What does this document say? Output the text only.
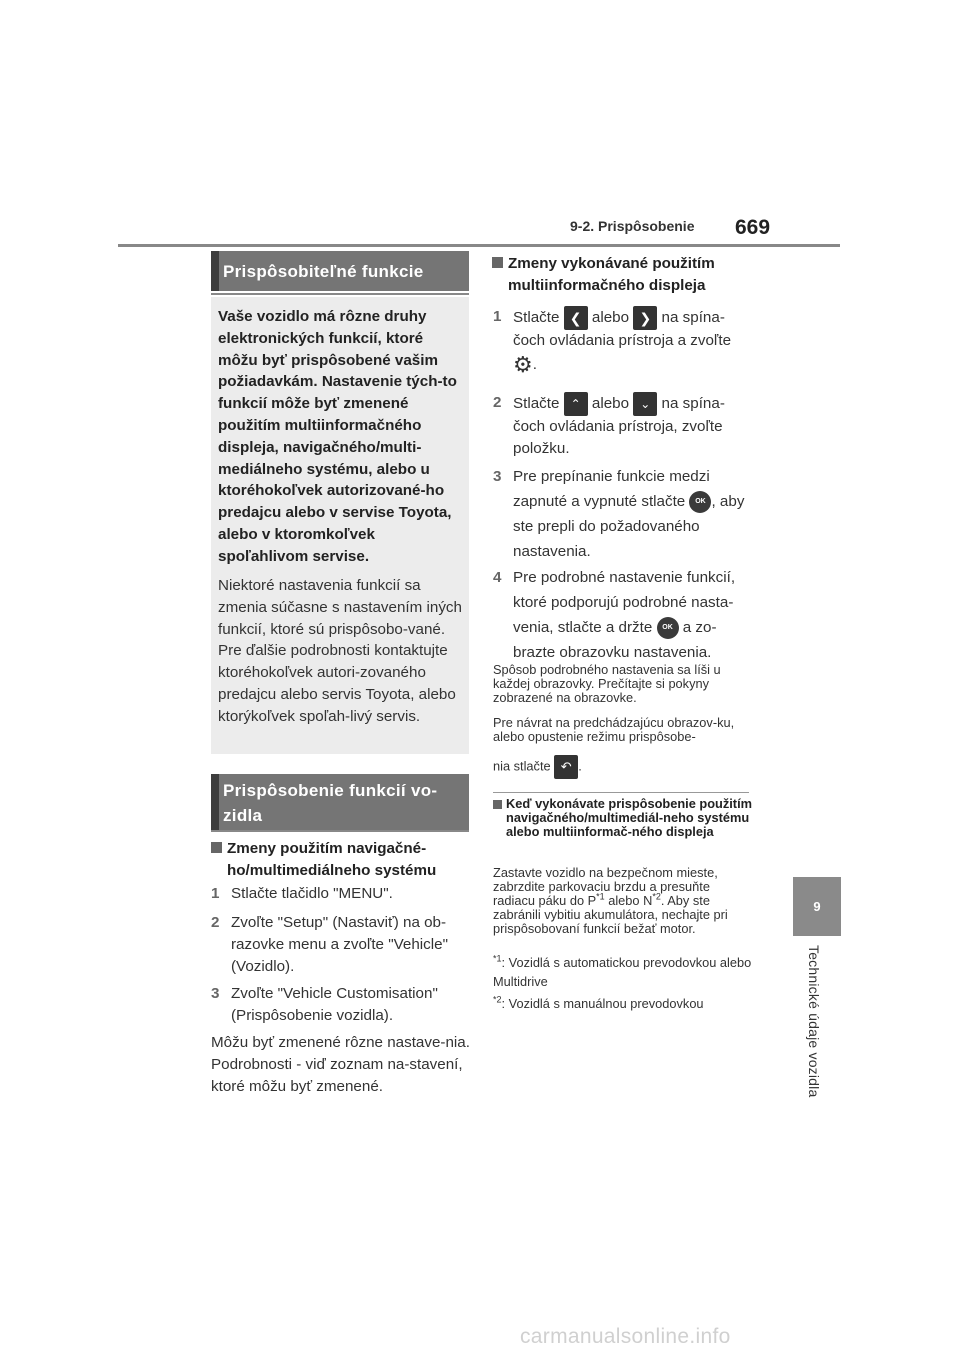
9-2. Prispôsobenie 669
9
Technické údaje vozidla
Prispôsobiteľné funkcie
Vaše vozidlo má rôzne druhy elektronických funkcií, ktoré môžu byť prispôsobené vašim požiadavkám. Nastavenie tých-to funkcií môže byť zmenené použitím multiinformačného displeja, navigačného/multi-mediálneho systému, alebo u ktoréhokoľvek autorizované-ho predajcu alebo v servise Toyota, alebo v ktoromkoľvek spoľahlivom servise.
Niektoré nastavenia funkcií sa zmenia súčasne s nastavením iných funkcií, ktoré sú prispôsobo-vané. Pre ďalšie podrobnosti kontaktujte ktoréhokoľvek autori-zovaného predajcu alebo servis Toyota, alebo ktorýkoľvek spoľah-livý servis.
Prispôsobenie funkcií vo-zidla
Zmeny použitím navigačné-ho/multimediálneho systému
1 Stlačte tlačidlo "MENU".
2 Zvoľte "Setup" (Nastaviť) na ob-razovke menu a zvoľte "Vehicle" (Vozidlo).
3 Zvoľte "Vehicle Customisation" (Prispôsobenie vozidla).
Môžu byť zmenené rôzne nastave-nia. Podrobnosti - viď zoznam na-stavení, ktoré môžu byť zmenené.
Zmeny vykonávané použitím multiinformačného displeja
1 Stlačte ❮ alebo ❯ na spína-čoch ovládania prístroja a zvoľte
⚙.
2 Stlačte ⌃ alebo ⌄ na spína-čoch ovládania prístroja, zvoľte položku.
3 Pre prepínanie funkcie medzi zapnuté a vypnuté stlačte OK , aby ste prepli do požadovaného nastavenia.
4 Pre podrobné nastavenie funkcií, ktoré podporujú podrobné nasta-venia, stlačte a držte OK a zo-brazte obrazovku nastavenia.
Spôsob podrobného nastavenia sa líši u každej obrazovky. Prečítajte si pokyny zobrazené na obrazovke.
Pre návrat na predchádzajúcu obrazov-ku, alebo opustenie režimu prispôsobe-
nia stlačte ↶ .
Keď vykonávate prispôsobenie použitím navigačného/multimediál-neho systému alebo multiinformač-ného displeja
Zastavte vozidlo na bezpečnom mieste, zabrzdite parkovaciu brzdu a presuňte radiacu páku do $P^{*1}$ alebo $N^{*2}$. Aby ste zabránili vybitiu akumulátora, nechajte pri prispôsobovaní funkcií bežať motor.
$^{*1}$: Vozidlá s automatickou prevodovkou alebo Multidrive
$^{*2}$: Vozidlá s manuálnou prevodovkou
carmanualsonline.info
